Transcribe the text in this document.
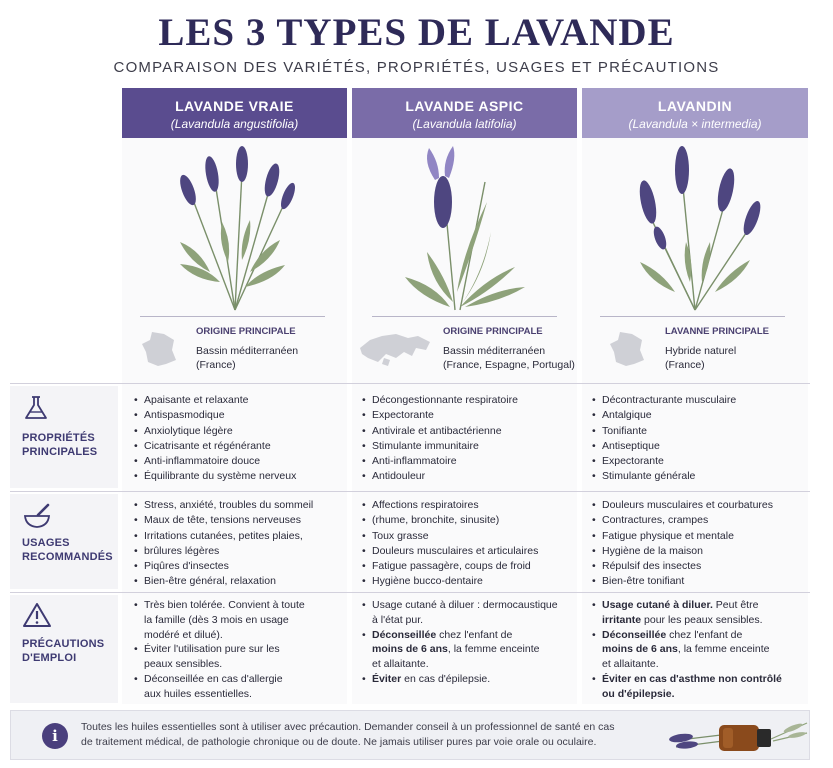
LES 3 TYPES DE LAVANDE
COMPARAISON DES VARIÉTÉS, PROPRIÉTÉS, USAGES ET PRÉCAUTIONS
LAVANDE VRAIE
(Lavandula angustifolia)
LAVANDE ASPIC
(Lavandula latifolia)
LAVANDIN
(Lavandula × intermedia)
ORIGINE PRINCIPALE
Bassin méditerranéen
(France)
ORIGINE PRINCIPALE
Bassin méditerranéen
(France, Espagne, Portugal)
LAVANNE PRINCIPALE
Hybride naturel
(France)
PROPRIÉTÉS
PRINCIPALES
USAGES
RECOMMANDÉS
PRÉCAUTIONS
D'EMPLOI
• Apaisante et relaxante
• Antispasmodique
• Anxiolytique légère
• Cicatrisante et régénérante
• Anti-inflammatoire douce
• Équilibrante du système nerveux
• Décongestionnante respiratoire
• Expectorante
• Antivirale et antibactérienne
• Stimulante immunitaire
• Anti-inflammatoire
• Antidouleur
• Décontracturante musculaire
• Antalgique
• Tonifiante
• Antiseptique
• Expectorante
• Stimulante générale
• Stress, anxiété, troubles du sommeil
• Maux de tête, tensions nerveuses
• Irritations cutanées, petites plaies,
• brûlures légères
• Piqûres d'insectes
• Bien-être général, relaxation
• Affections respiratoires
• (rhume, bronchite, sinusite)
• Toux grasse
• Douleurs musculaires et articulaires
• Fatigue passagère, coups de froid
• Hygiène bucco-dentaire
• Douleurs musculaires et courbatures
• Contractures, crampes
• Fatigue physique et mentale
• Hygiène de la maison
• Répulsif des insectes
• Bien-être tonifiant
• Très bien tolérée. Convient à toute
la famille (dès 3 mois en usage
modéré et dilué).
• Éviter l'utilisation pure sur les
peaux sensibles.
• Déconseillée en cas d'allergie
aux huiles essentielles.
• Usage cutané à diluer : dermocaustique
à l'état pur.
• Déconseillée chez l'enfant de
moins de 6 ans, la femme enceinte
et allaitante.
• Éviter en cas d'épilepsie.
• Usage cutané à diluer. Peut être
irritante pour les peaux sensibles.
• Déconseillée chez l'enfant de
moins de 6 ans, la femme enceinte
et allaitante.
• Éviter en cas d'asthme non contrôlé
ou d'épilepsie.
i	Toutes les huiles essentielles sont à utiliser avec précaution. Demander conseil à un professionnel de santé en cas
de traitement médical, de pathologie chronique ou de doute. Ne jamais utiliser pures par voie orale ou oculaire.
